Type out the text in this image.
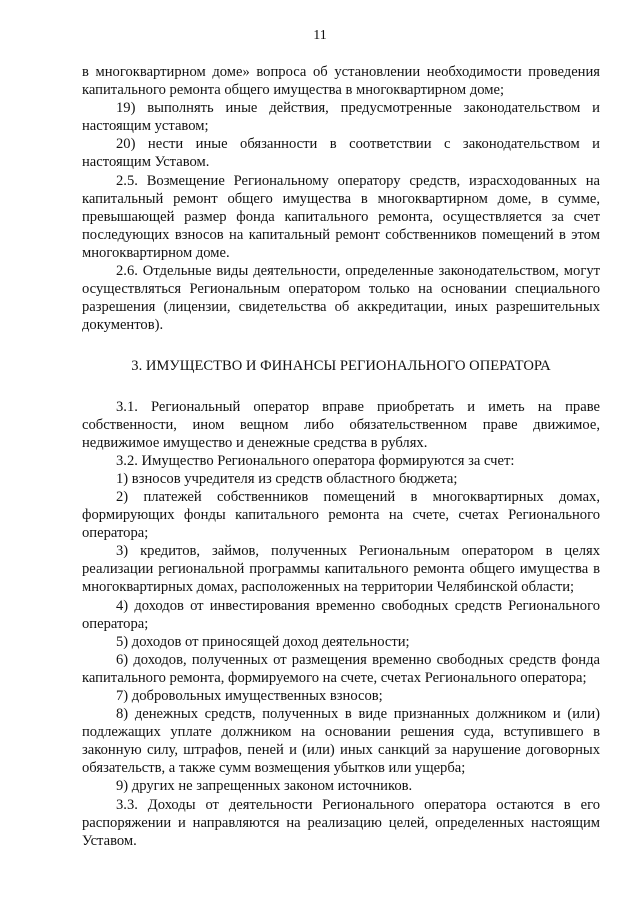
11

в многоквартирном доме» вопроса об установлении необходимости проведения капитального ремонта общего имущества в многоквартирном доме;

19) выполнять иные действия, предусмотренные законодательством и настоящим уставом;

20) нести иные обязанности в соответствии с законодательством и настоящим Уставом.

2.5. Возмещение Региональному оператору средств, израсходованных на капитальный ремонт общего имущества в многоквартирном доме, в сумме, превышающей размер фонда капитального ремонта, осуществляется за счет последующих взносов на капитальный ремонт собственников помещений в этом многоквартирном доме.

2.6. Отдельные виды деятельности, определенные законодательством, могут осуществляться Региональным оператором только на основании специального разрешения (лицензии, свидетельства об аккредитации, иных разрешительных документов).

3. ИМУЩЕСТВО И ФИНАНСЫ РЕГИОНАЛЬНОГО ОПЕРАТОРА

3.1. Региональный оператор вправе приобретать и иметь на праве собственности, ином вещном либо обязательственном праве движимое, недвижимое имущество и денежные средства в рублях.

3.2. Имущество Регионального оператора формируются за счет:

1) взносов учредителя из средств областного бюджета;

2) платежей собственников помещений в многоквартирных домах, формирующих фонды капитального ремонта на счете, счетах Регионального оператора;

3) кредитов, займов, полученных Региональным оператором в целях реализации региональной программы капитального ремонта общего имущества в многоквартирных домах, расположенных на территории Челябинской области;

4) доходов от инвестирования временно свободных средств Регионального оператора;

5) доходов от приносящей доход деятельности;

6) доходов, полученных от размещения временно свободных средств фонда капитального ремонта, формируемого на счете, счетах Регионального оператора;

7) добровольных имущественных взносов;

8) денежных средств, полученных в виде признанных должником и (или) подлежащих уплате должником на основании решения суда, вступившего в законную силу, штрафов, пеней и (или) иных санкций за нарушение договорных обязательств, а также сумм возмещения убытков или ущерба;

9) других не запрещенных законом источников.

3.3. Доходы от деятельности Регионального оператора остаются в его распоряжении и направляются на реализацию целей, определенных настоящим Уставом.
